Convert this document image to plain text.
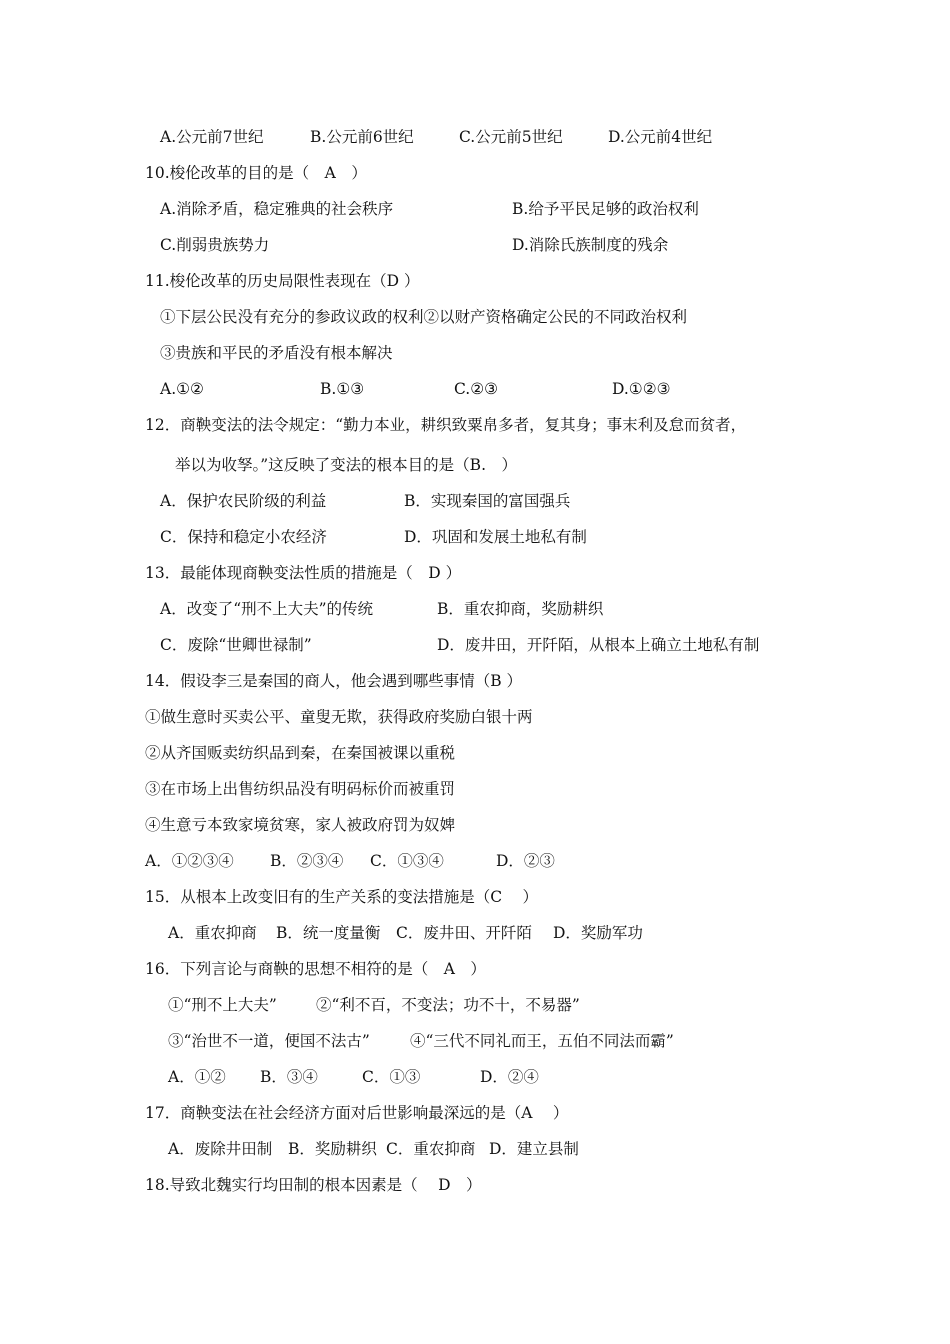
A.公元前7世纪	B.公元前6世纪	C.公元前5世纪	D.公元前4世纪
10.梭伦改革的目的是（　A　）
A.消除矛盾，稳定雅典的社会秩序	B.给予平民足够的政治权利
C.削弱贵族势力	D.消除氏族制度的残余
11.梭伦改革的历史局限性表现在（D ）
①下层公民没有充分的参政议政的权利②以财产资格确定公民的不同政治权利
③贵族和平民的矛盾没有根本解决
A.①②	B.①③	C.②③	D.①②③
12．商鞅变法的法令规定：“勤力本业，耕织致粟帛多者，复其身；事末利及怠而贫者，
举以为收孥。”这反映了变法的根本目的是（B.　）
A．保护农民阶级的利益	B．实现秦国的富国强兵
C．保持和稳定小农经济	D．巩固和发展土地私有制
13．最能体现商鞅变法性质的措施是（　D ）
A．改变了“刑不上大夫”的传统	B．重农抑商，奖励耕织
C．废除“世卿世禄制”	D．废井田，开阡陌，从根本上确立土地私有制
14．假设李三是秦国的商人，他会遇到哪些事情（B ）
①做生意时买卖公平、童叟无欺，获得政府奖励白银十两
②从齐国贩卖纺织品到秦，在秦国被课以重税
③在市场上出售纺织品没有明码标价而被重罚
④生意亏本致家境贫寒，家人被政府罚为奴婢
A．①②③④ B．②③④ C．①③④	D．②③
15．从根本上改变旧有的生产关系的变法措施是（C　 ）
A．重农抑商 B．统一度量衡 C．废井田、开阡陌 D．奖励军功
16．下列言论与商鞅的思想不相符的是（　A　）
①“刑不上大夫”	②“利不百，不变法；功不十，不易器”
③“治世不一道，便国不法古”	④“三代不同礼而王，五伯不同法而霸”
A．①② B．③④	C．①③	D．②④
17．商鞅变法在社会经济方面对后世影响最深远的是（A　 ）
A．废除井田制 B．奖励耕织 C．重农抑商 D．建立县制
18.导致北魏实行均田制的根本因素是（　 D　）
